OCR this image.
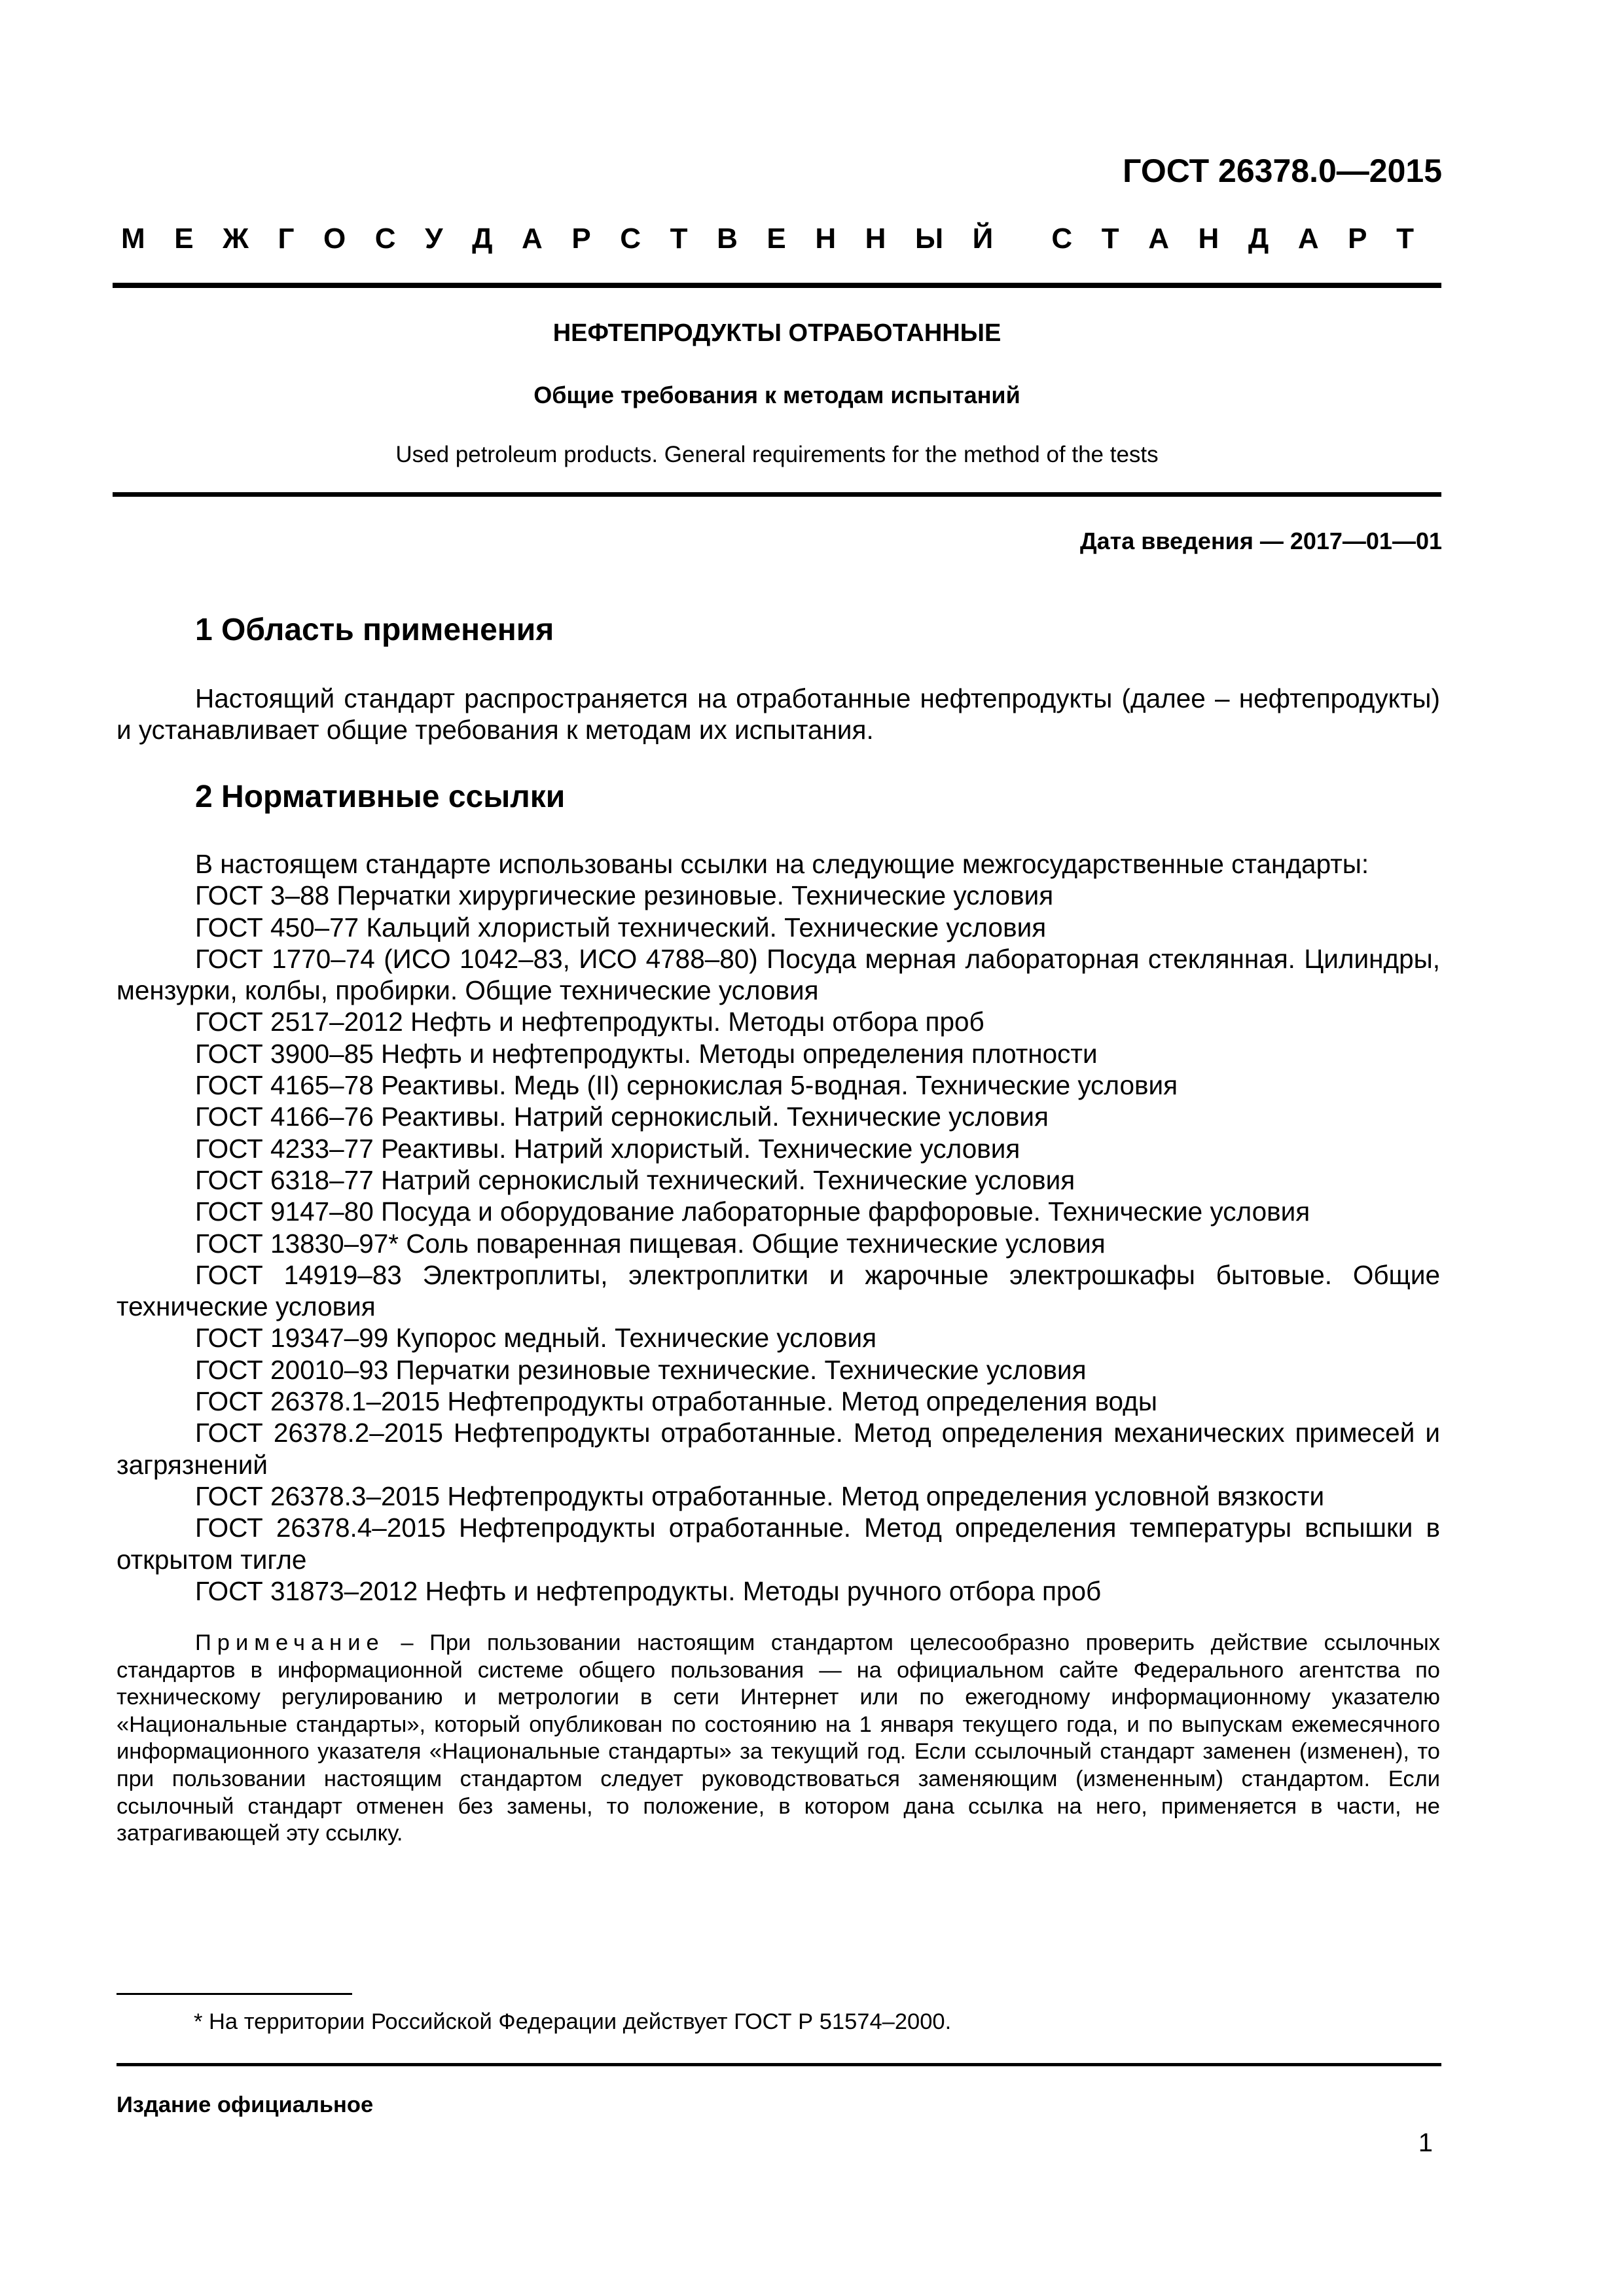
ГОСТ 26378.0—2015
М Е Ж Г О С У Д А Р С Т В Е Н Н Ы Й С Т А Н Д А Р Т

НЕФТЕПРОДУКТЫ ОТРАБОТАННЫЕ

Общие требования к методам испытаний

Used petroleum products. General requirements for the method of the tests

Дата введения — 2017—01—01
1 Область применения

Настоящий стандарт распространяется на отработанные нефтепродукты (далее – нефтепродукты) и устанавливает общие требования к методам их испытания.

2 Нормативные ссылки

В настоящем стандарте использованы ссылки на следующие межгосударственные стандарты:

ГОСТ 3–88 Перчатки хирургические резиновые. Технические условия

ГОСТ 450–77 Кальций хлористый технический. Технические условия

ГОСТ 1770–74 (ИСО 1042–83, ИСО 4788–80) Посуда мерная лабораторная стеклянная. Цилиндры, мензурки, колбы, пробирки. Общие технические условия

ГОСТ 2517–2012 Нефть и нефтепродукты. Методы отбора проб

ГОСТ 3900–85 Нефть и нефтепродукты. Методы определения плотности

ГОСТ 4165–78 Реактивы. Медь (II) сернокислая 5-водная. Технические условия

ГОСТ 4166–76 Реактивы. Натрий сернокислый. Технические условия

ГОСТ 4233–77 Реактивы. Натрий хлористый. Технические условия

ГОСТ 6318–77 Натрий сернокислый технический. Технические условия

ГОСТ 9147–80 Посуда и оборудование лабораторные фарфоровые. Технические условия

ГОСТ 13830–97* Соль поваренная пищевая. Общие технические условия

ГОСТ 14919–83 Электроплиты, электроплитки и жарочные электрошкафы бытовые. Общие технические условия

ГОСТ 19347–99 Купорос медный. Технические условия

ГОСТ 20010–93 Перчатки резиновые технические. Технические условия

ГОСТ 26378.1–2015 Нефтепродукты отработанные. Метод определения воды

ГОСТ 26378.2–2015 Нефтепродукты отработанные. Метод определения механических примесей и загрязнений

ГОСТ 26378.3–2015 Нефтепродукты отработанные. Метод определения условной вязкости

ГОСТ 26378.4–2015 Нефтепродукты отработанные. Метод определения температуры вспышки в открытом тигле

ГОСТ 31873–2012 Нефть и нефтепродукты. Методы ручного отбора проб

Примечание – При пользовании настоящим стандартом целесообразно проверить действие ссылочных стандартов в информационной системе общего пользования — на официальном сайте Федерального агентства по техническому регулированию и метрологии в сети Интернет или по ежегодному информационному указателю «Национальные стандарты», который опубликован по состоянию на 1 января текущего года, и по выпускам ежемесячного информационного указателя «Национальные стандарты» за текущий год. Если ссылочный стандарт заменен (изменен), то при пользовании настоящим стандартом следует руководствоваться заменяющим (измененным) стандартом. Если ссылочный стандарт отменен без замены, то положение, в котором дана ссылка на него, применяется в части, не затрагивающей эту ссылку.
* На территории Российской Федерации действует ГОСТ Р 51574–2000.
Издание официальное
1
